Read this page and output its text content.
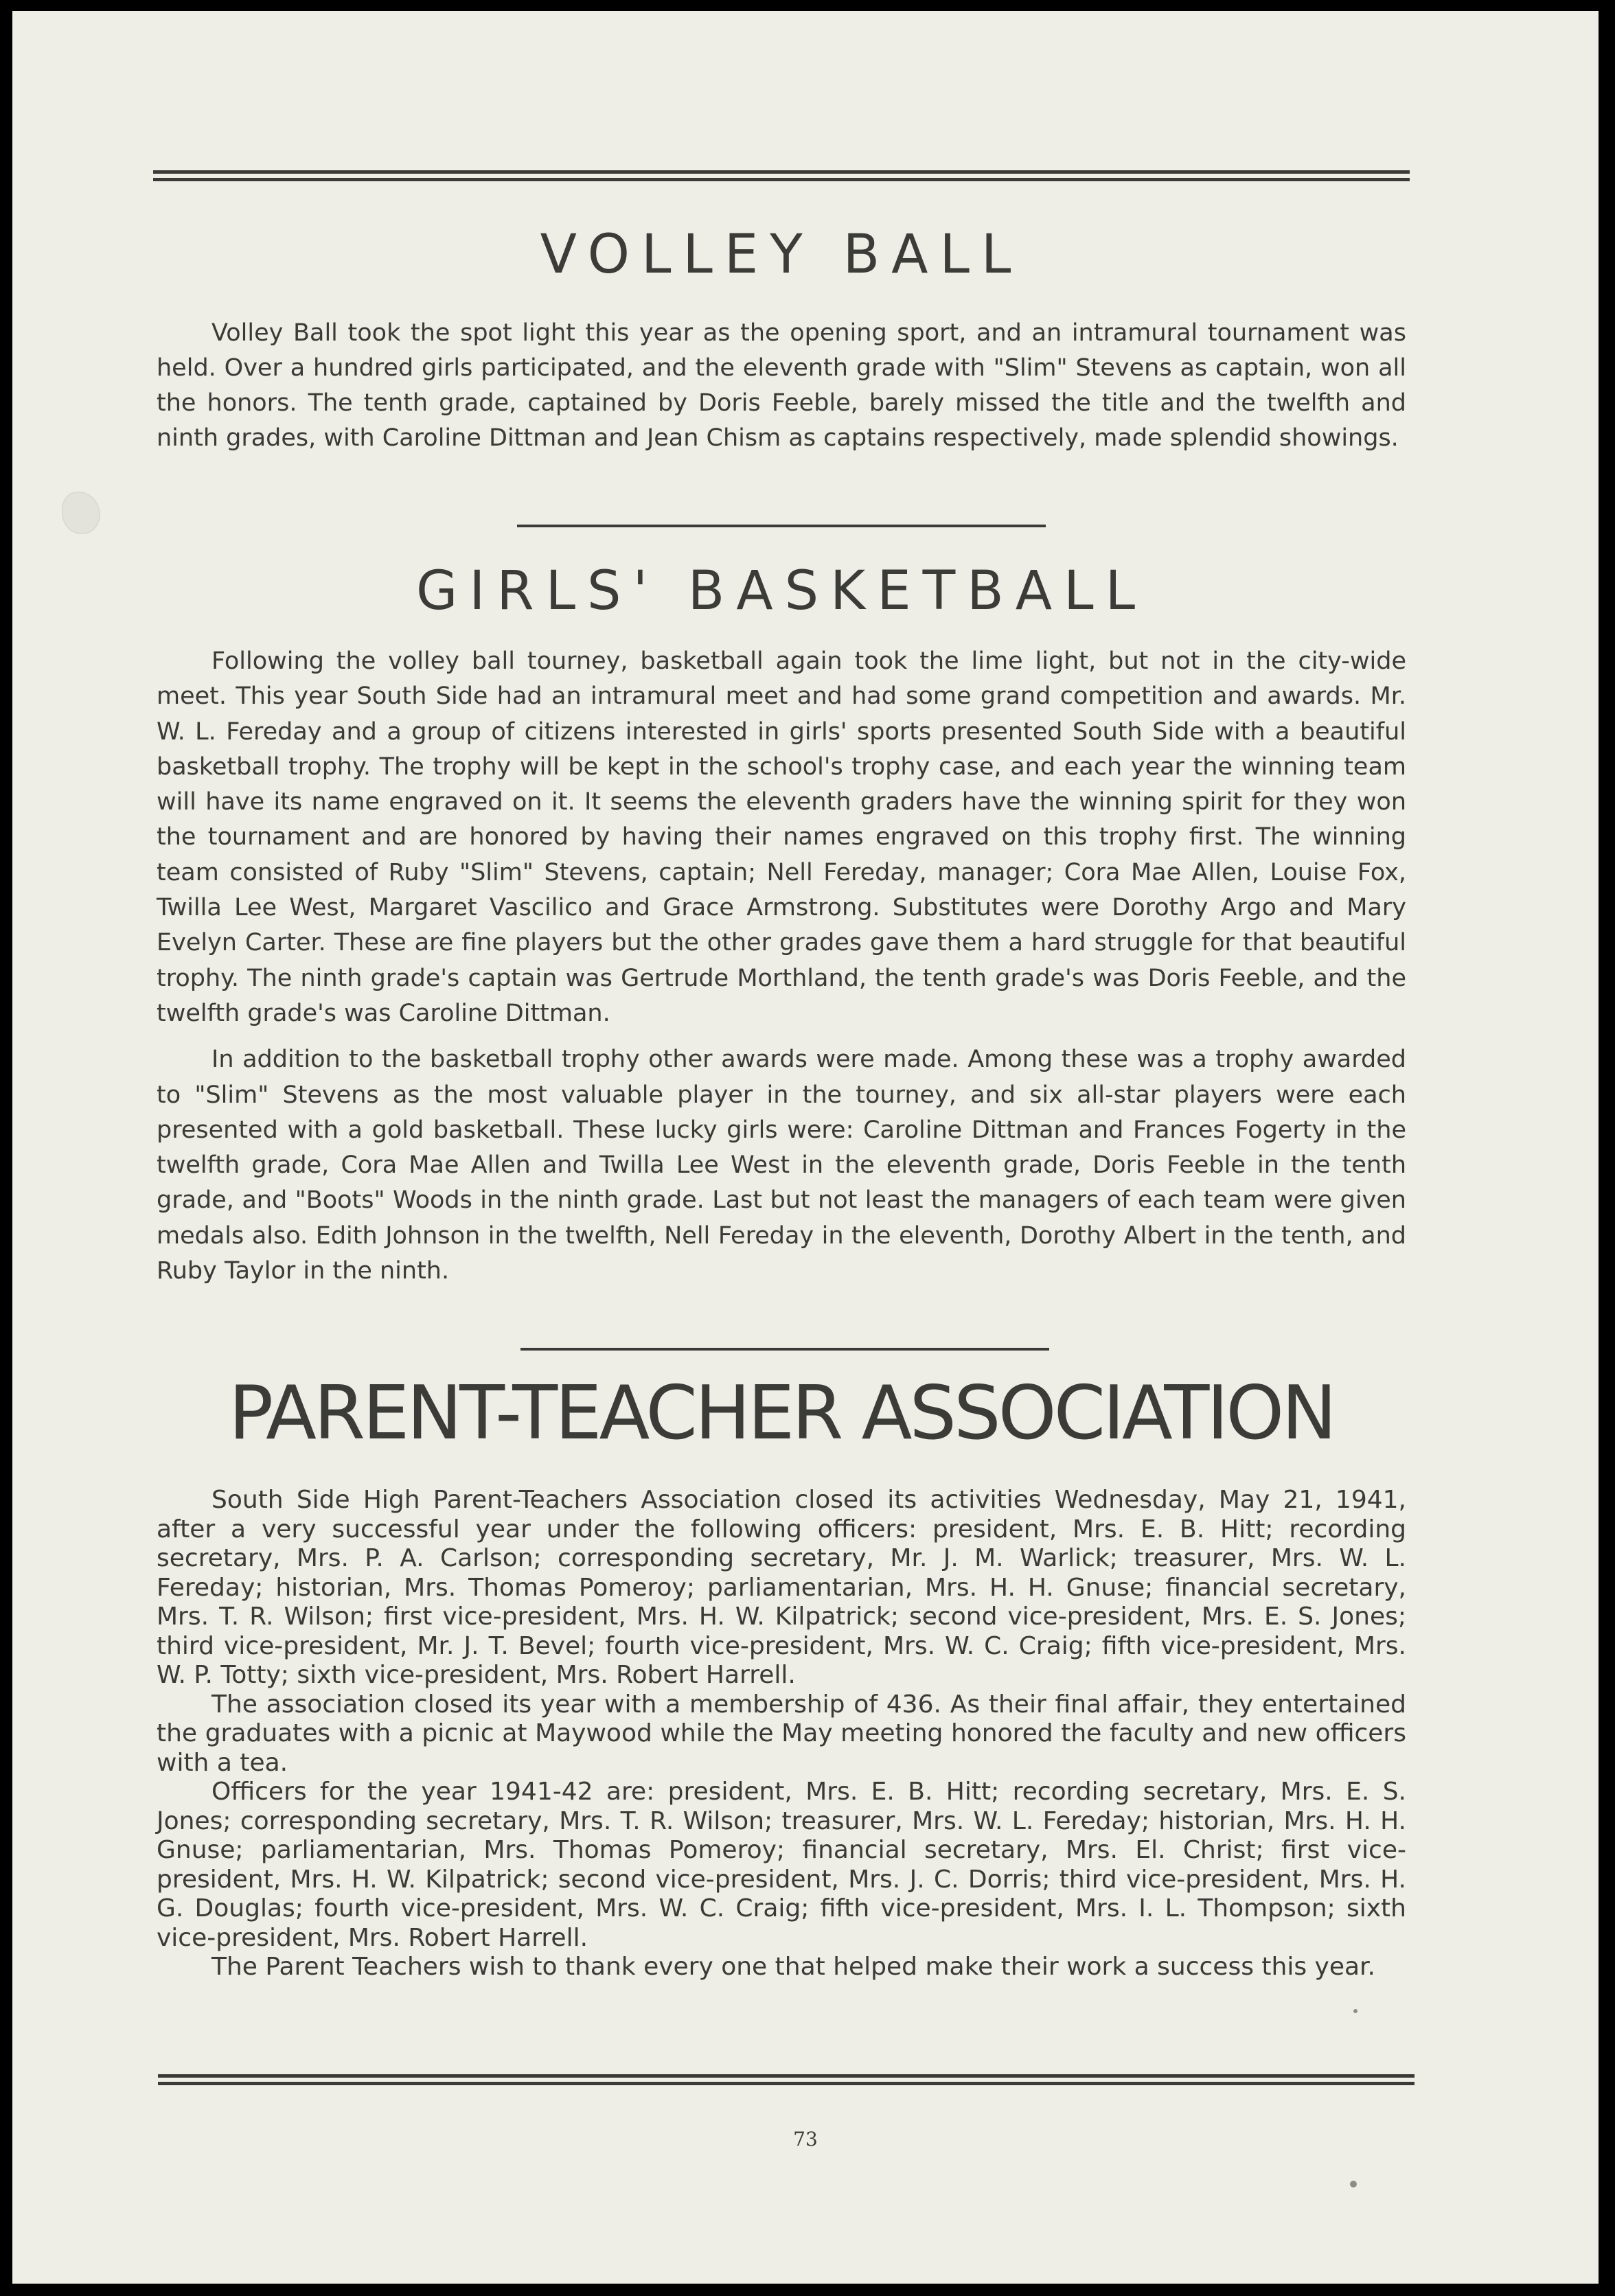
VOLLEY BALL

Volley Ball took the spot light this year as the opening sport, and an intramural tournament was held. Over a hundred girls participated, and the eleventh grade with "Slim" Stevens as captain, won all the honors. The tenth grade, captained by Doris Feeble, barely missed the title and the twelfth and ninth grades, with Caroline Dittman and Jean Chism as captains respectively, made splendid showings.

GIRLS' BASKETBALL

Following the volley ball tourney, basketball again took the lime light, but not in the city-wide meet. This year South Side had an intramural meet and had some grand competition and awards. Mr. W. L. Fereday and a group of citizens interested in girls' sports presented South Side with a beautiful basketball trophy. The trophy will be kept in the school's trophy case, and each year the winning team will have its name engraved on it. It seems the eleventh graders have the winning spirit for they won the tournament and are honored by having their names engraved on this trophy first. The winning team consisted of Ruby "Slim" Stevens, captain; Nell Fereday, manager; Cora Mae Allen, Louise Fox, Twilla Lee West, Margaret Vascilico and Grace Armstrong. Substitutes were Dorothy Argo and Mary Evelyn Carter. These are fine players but the other grades gave them a hard struggle for that beautiful trophy. The ninth grade's captain was Gertrude Morthland, the tenth grade's was Doris Feeble, and the twelfth grade's was Caroline Dittman.

In addition to the basketball trophy other awards were made. Among these was a trophy awarded to "Slim" Stevens as the most valuable player in the tourney, and six all-star players were each presented with a gold basketball. These lucky girls were: Caroline Dittman and Frances Fogerty in the twelfth grade, Cora Mae Allen and Twilla Lee West in the eleventh grade, Doris Feeble in the tenth grade, and "Boots" Woods in the ninth grade. Last but not least the managers of each team were given medals also. Edith Johnson in the twelfth, Nell Fereday in the eleventh, Dorothy Albert in the tenth, and Ruby Taylor in the ninth.

PARENT-TEACHER ASSOCIATION

South Side High Parent-Teachers Association closed its activities Wednesday, May 21, 1941, after a very successful year under the following officers: president, Mrs. E. B. Hitt; recording secretary, Mrs. P. A. Carlson; corresponding secretary, Mr. J. M. Warlick; treasurer, Mrs. W. L. Fereday; historian, Mrs. Thomas Pomeroy; parliamentarian, Mrs. H. H. Gnuse; financial secretary, Mrs. T. R. Wilson; first vice-president, Mrs. H. W. Kilpatrick; second vice-president, Mrs. E. S. Jones; third vice-president, Mr. J. T. Bevel; fourth vice-president, Mrs. W. C. Craig; fifth vice-president, Mrs. W. P. Totty; sixth vice-president, Mrs. Robert Harrell.

The association closed its year with a membership of 436. As their final affair, they entertained the graduates with a picnic at Maywood while the May meeting honored the faculty and new officers with a tea.

Officers for the year 1941-42 are: president, Mrs. E. B. Hitt; recording secretary, Mrs. E. S. Jones; corresponding secretary, Mrs. T. R. Wilson; treasurer, Mrs. W. L. Fereday; historian, Mrs. H. H. Gnuse; parliamentarian, Mrs. Thomas Pomeroy; financial secretary, Mrs. El. Christ; first vice-president, Mrs. H. W. Kilpatrick; second vice-president, Mrs. J. C. Dorris; third vice-president, Mrs. H. G. Douglas; fourth vice-president, Mrs. W. C. Craig; fifth vice-president, Mrs. I. L. Thompson; sixth vice-president, Mrs. Robert Harrell.

The Parent Teachers wish to thank every one that helped make their work a success this year.

73
